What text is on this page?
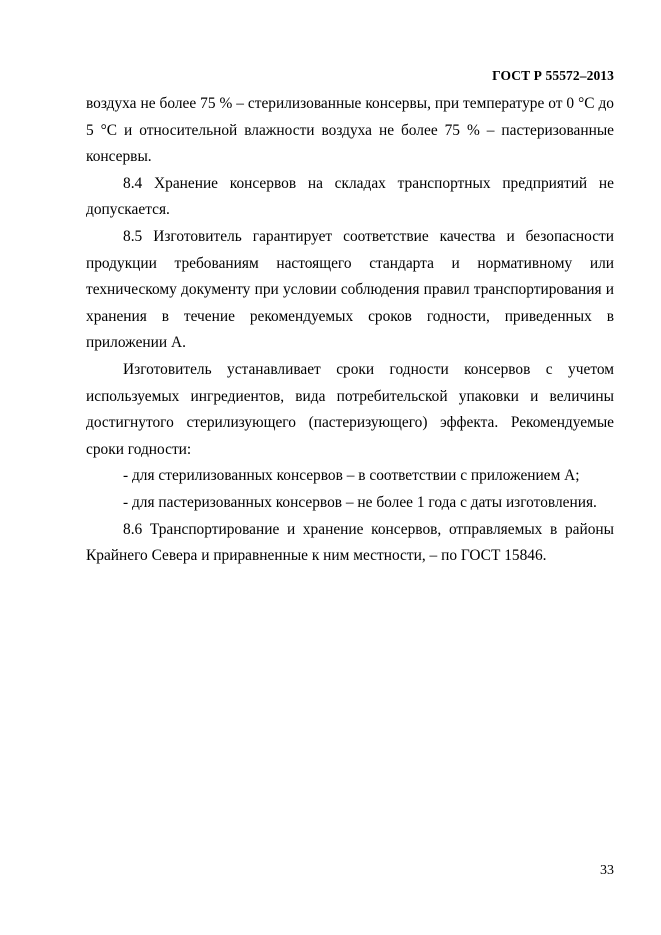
ГОСТ Р 55572–2013

воздуха не более 75 % – стерилизованные консервы, при температуре от 0 °С до 5 °С и относительной влажности воздуха не более 75 % – пастеризованные консервы.

8.4 Хранение консервов на складах транспортных предприятий не допускается.

8.5 Изготовитель гарантирует соответствие качества и безопасности продукции требованиям настоящего стандарта и нормативному или техническому документу при условии соблюдения правил транспортирования и хранения в течение рекомендуемых сроков годности, приведенных в приложении А.

Изготовитель устанавливает сроки годности консервов с учетом используемых ингредиентов, вида потребительской упаковки и величины достигнутого стерилизующего (пастеризующего) эффекта. Рекомендуемые сроки годности:

- для стерилизованных консервов – в соответствии с приложением А;

- для пастеризованных консервов – не более 1 года с даты изготовления.

8.6 Транспортирование и хранение консервов, отправляемых в районы Крайнего Севера и приравненные к ним местности, – по ГОСТ 15846.

33
